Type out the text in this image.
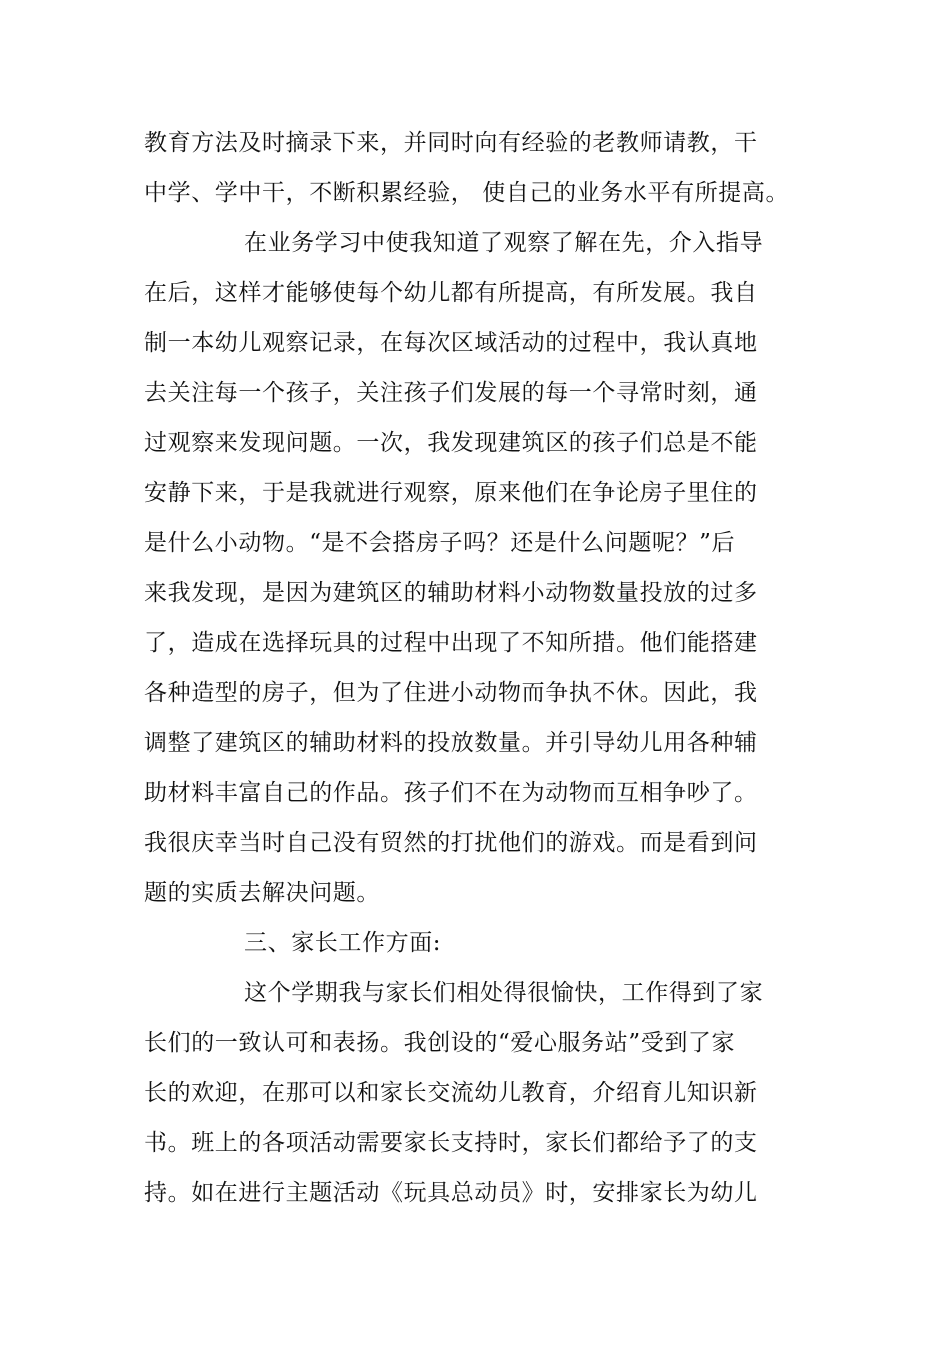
教育方法及时摘录下来，并同时向有经验的老教师请教，干
中学、学中干，不断积累经验， 使自己的业务水平有所提高。
在业务学习中使我知道了观察了解在先，介入指导
在后，这样才能够使每个幼儿都有所提高，有所发展。我自
制一本幼儿观察记录，在每次区域活动的过程中，我认真地
去关注每一个孩子，关注孩子们发展的每一个寻常时刻，通
过观察来发现问题。一次，我发现建筑区的孩子们总是不能
安静下来，于是我就进行观察，原来他们在争论房子里住的
是什么小动物。“是不会搭房子吗？还是什么问题呢？”后
来我发现，是因为建筑区的辅助材料小动物数量投放的过多
了，造成在选择玩具的过程中出现了不知所措。他们能搭建
各种造型的房子，但为了住进小动物而争执不休。因此，我
调整了建筑区的辅助材料的投放数量。并引导幼儿用各种辅
助材料丰富自己的作品。孩子们不在为动物而互相争吵了。
我很庆幸当时自己没有贸然的打扰他们的游戏。而是看到问
题的实质去解决问题。
三、家长工作方面:
这个学期我与家长们相处得很愉快，工作得到了家
长们的一致认可和表扬。我创设的“爱心服务站”受到了家
长的欢迎，在那可以和家长交流幼儿教育，介绍育儿知识新
书。班上的各项活动需要家长支持时，家长们都给予了的支
持。如在进行主题活动《玩具总动员》时，安排家长为幼儿
